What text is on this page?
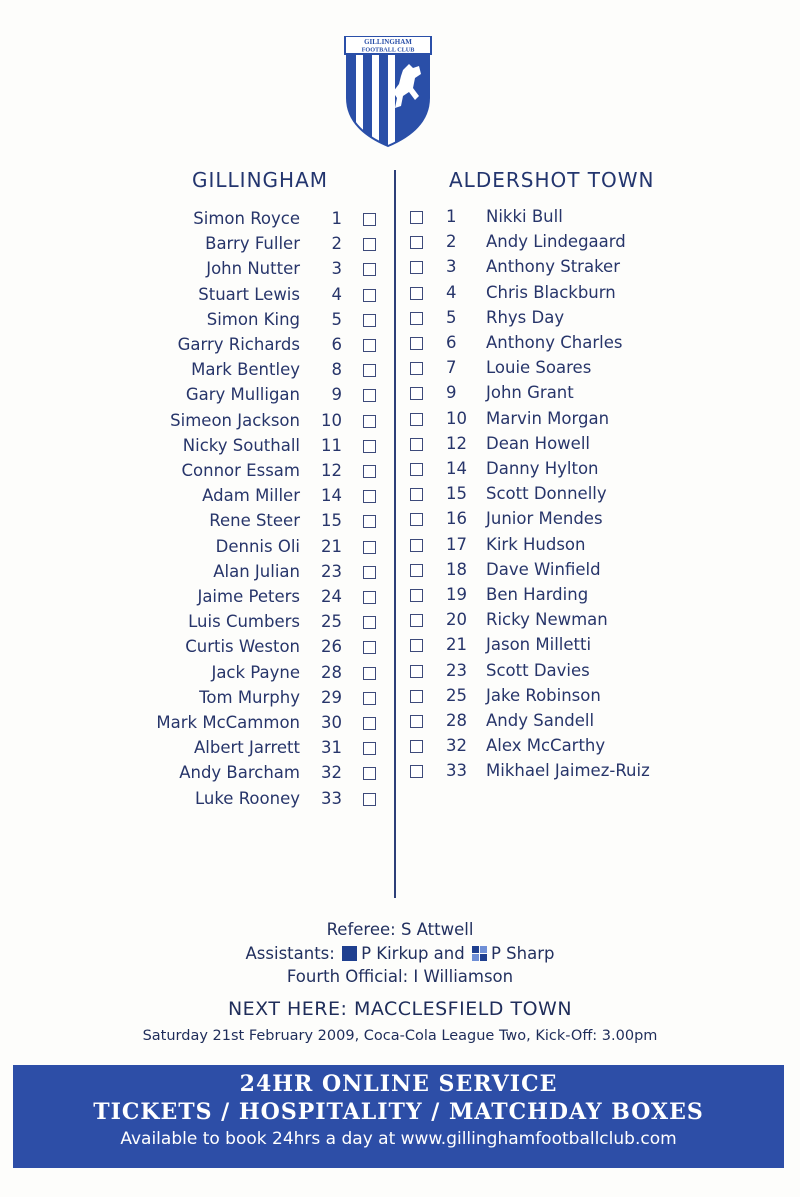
GILLINGHAM
FOOTBALL CLUB
GILLINGHAM	ALDERSHOT TOWN
Simon Royce	1
Barry Fuller	2
John Nutter	3
Stuart Lewis	4
Simon King	5
Garry Richards	6
Mark Bentley	8
Gary Mulligan	9
Simeon Jackson	10
Nicky Southall	11
Connor Essam	12
Adam Miller	14
Rene Steer	15
Dennis Oli	21
Alan Julian	23
Jaime Peters	24
Luis Cumbers	25
Curtis Weston	26
Jack Payne	28
Tom Murphy	29
Mark McCammon	30
Albert Jarrett	31
Andy Barcham	32
Luke Rooney	33
1	Nikki Bull
2	Andy Lindegaard
3	Anthony Straker
4	Chris Blackburn
5	Rhys Day
6	Anthony Charles
7	Louie Soares
9	John Grant
10	Marvin Morgan
12	Dean Howell
14	Danny Hylton
15	Scott Donnelly
16	Junior Mendes
17	Kirk Hudson
18	Dave Winfield
19	Ben Harding
20	Ricky Newman
21	Jason Milletti
23	Scott Davies
25	Jake Robinson
28	Andy Sandell
32	Alex McCarthy
33	Mikhael Jaimez-Ruiz
Referee: S Attwell
Assistants: P Kirkup and P Sharp
Fourth Official: I Williamson
NEXT HERE: MACCLESFIELD TOWN
Saturday 21st February 2009, Coca-Cola League Two, Kick-Off: 3.00pm
24HR ONLINE SERVICE
TICKETS / HOSPITALITY / MATCHDAY BOXES
Available to book 24hrs a day at www.gillinghamfootballclub.com
